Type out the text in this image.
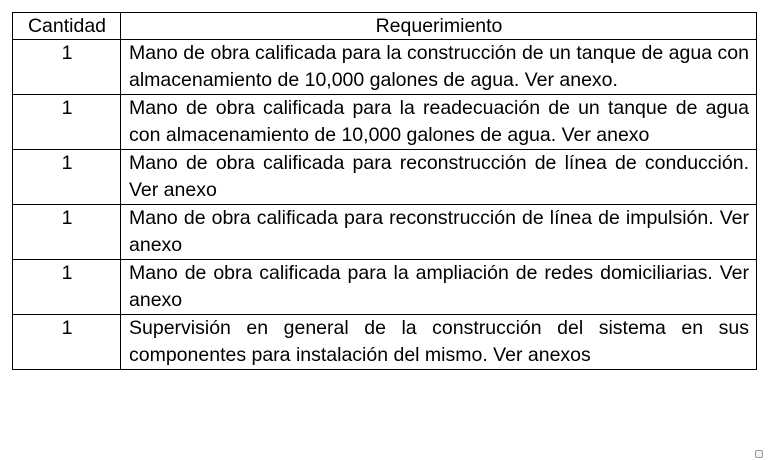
Cantidad	Requerimiento
1	Mano de obra calificada para la construcción de un tanque de agua con almacenamiento de 10,000 galones de agua. Ver anexo.
1	Mano de obra calificada para la readecuación de un tanque de agua con almacenamiento de 10,000 galones de agua. Ver anexo
1	Mano de obra calificada para reconstrucción de línea de conducción. Ver anexo
1	Mano de obra calificada para reconstrucción de línea de impulsión. Ver anexo
1	Mano de obra calificada para la ampliación de redes domiciliarias. Ver anexo
1	Supervisión en general de la construcción del sistema en sus componentes para instalación del mismo. Ver anexos
